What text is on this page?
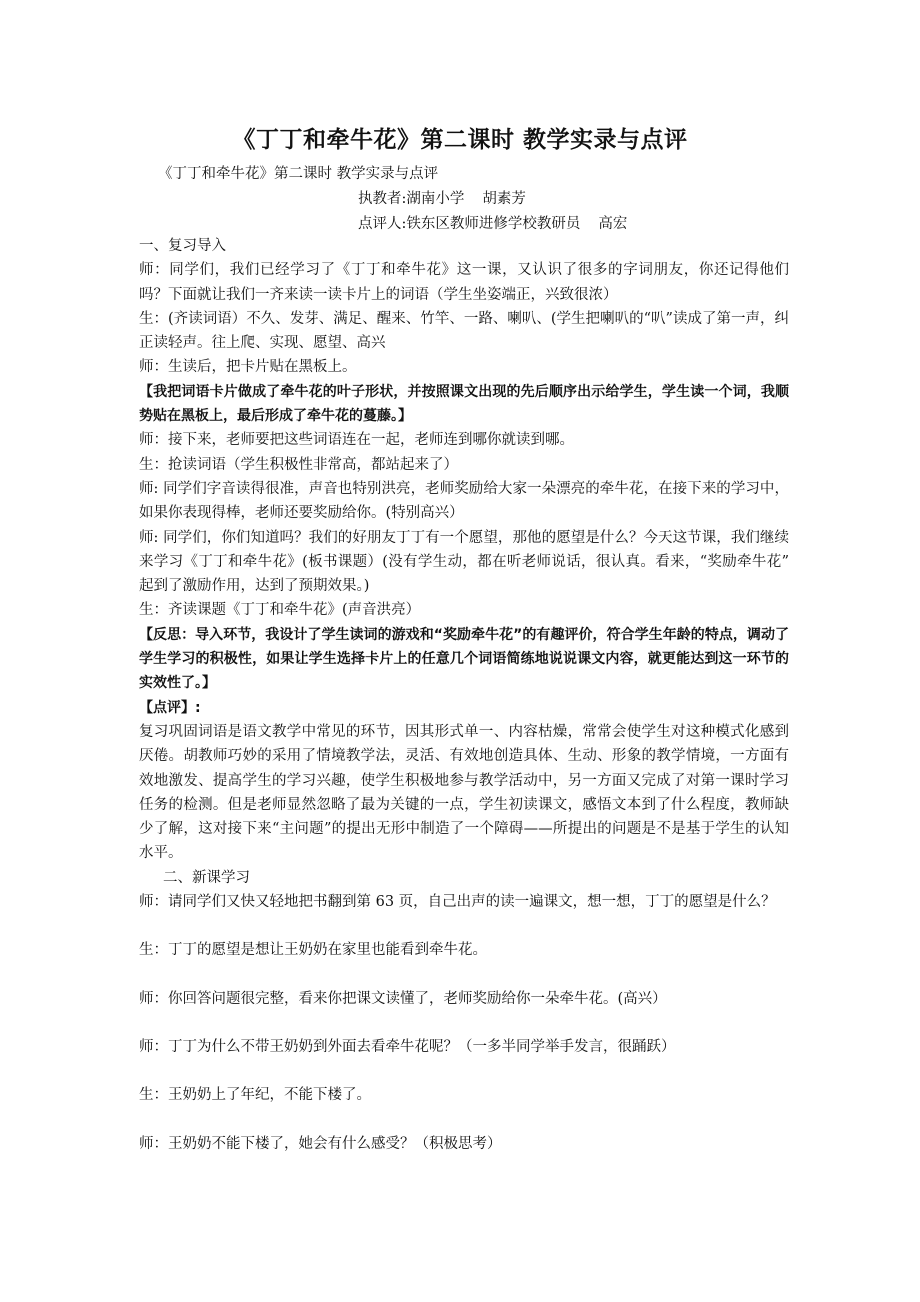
《丁丁和牵牛花》第二课时 教学实录与点评
《丁丁和牵牛花》第二课时 教学实录与点评
执教者:湖南小学 胡素芳
点评人:铁东区教师进修学校教研员 高宏

一、复习导入

师：同学们，我们已经学习了《丁丁和牵牛花》这一课，又认识了很多的字词朋友，你还记得他们吗？下面就让我们一齐来读一读卡片上的词语（学生坐姿端正，兴致很浓）

生：(齐读词语）不久、发芽、满足、醒来、竹竿、一路、喇叭、(学生把喇叭的“叭”读成了第一声，纠正读轻声。往上爬、实现、愿望、高兴

师：生读后，把卡片贴在黑板上。

【我把词语卡片做成了牵牛花的叶子形状，并按照课文出现的先后顺序出示给学生，学生读一个词，我顺势贴在黑板上，最后形成了牵牛花的蔓藤。】

师：接下来，老师要把这些词语连在一起，老师连到哪你就读到哪。

生：抢读词语（学生积极性非常高，都站起来了）

师: 同学们字音读得很准，声音也特别洪亮，老师奖励给大家一朵漂亮的牵牛花，在接下来的学习中，如果你表现得棒，老师还要奖励给你。(特别高兴）

师: 同学们，你们知道吗？我们的好朋友丁丁有一个愿望，那他的愿望是什么？今天这节课，我们继续来学习《丁丁和牵牛花》(板书课题）(没有学生动，都在听老师说话，很认真。看来，“奖励牵牛花” 起到了激励作用，达到了预期效果。)

生：齐读课题《丁丁和牵牛花》(声音洪亮）

【反思：导入环节，我设计了学生读词的游戏和“奖励牵牛花”的有趣评价，符合学生年龄的特点，调动了学生学习的积极性，如果让学生选择卡片上的任意几个词语简练地说说课文内容，就更能达到这一环节的实效性了。】

【点评】:

复习巩固词语是语文教学中常见的环节，因其形式单一、内容枯燥，常常会使学生对这种模式化感到厌倦。胡教师巧妙的采用了情境教学法，灵活、有效地创造具体、生动、形象的教学情境，一方面有效地激发、提高学生的学习兴趣，使学生积极地参与教学活动中，另一方面又完成了对第一课时学习任务的检测。但是老师显然忽略了最为关键的一点，学生初读课文，感悟文本到了什么程度，教师缺少了解，这对接下来“主问题”的提出无形中制造了一个障碍——所提出的问题是不是基于学生的认知水平。

二、新课学习

师：请同学们又快又轻地把书翻到第 63 页，自己出声的读一遍课文，想一想，丁丁的愿望是什么？

生：丁丁的愿望是想让王奶奶在家里也能看到牵牛花。

师：你回答问题很完整，看来你把课文读懂了，老师奖励给你一朵牵牛花。(高兴）

师：丁丁为什么不带王奶奶到外面去看牵牛花呢？（一多半同学举手发言，很踊跃）

生：王奶奶上了年纪，不能下楼了。

师：王奶奶不能下楼了，她会有什么感受？（积极思考）
